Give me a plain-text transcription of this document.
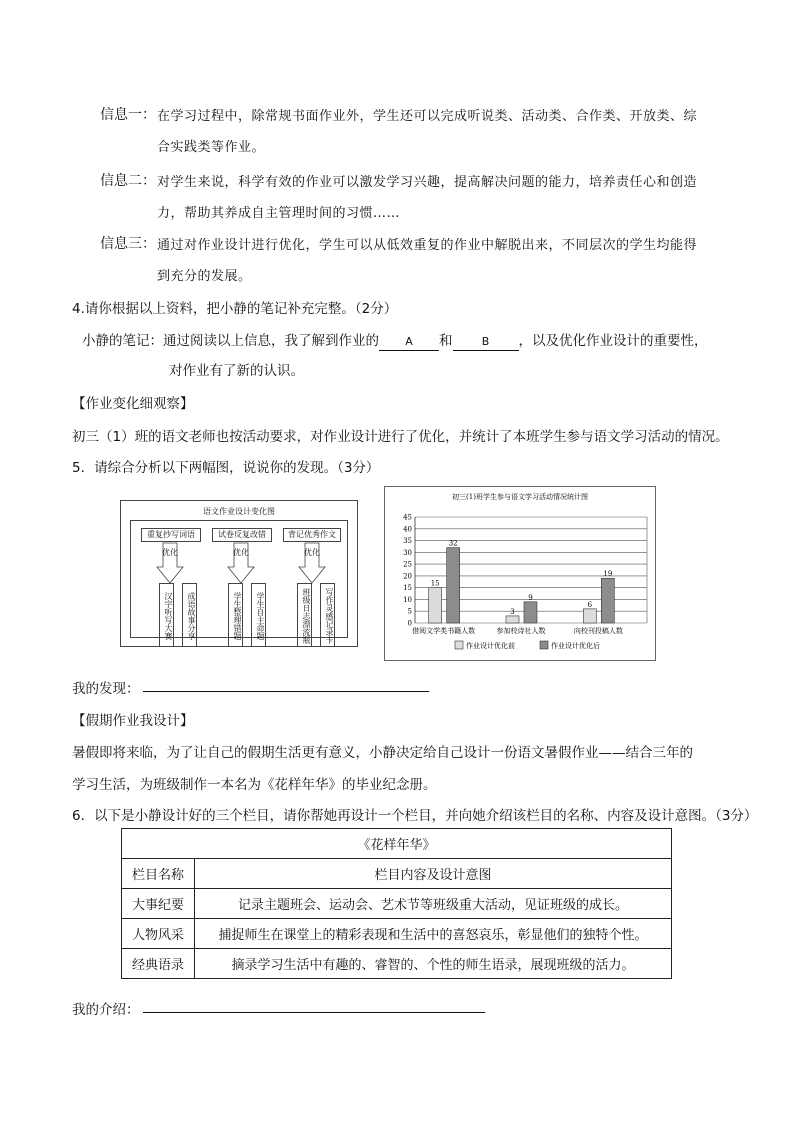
信息一： 在学习过程中，除常规书面作业外，学生还可以完成听说类、活动类、合作类、开放类、综
合实践类等作业。
信息二： 对学生来说，科学有效的作业可以激发学习兴趣，提高解决问题的能力，培养责任心和创造
力，帮助其养成自主管理时间的习惯……
信息三： 通过对作业设计进行优化，学生可以从低效重复的作业中解脱出来，不同层次的学生均能得
到充分的发展。
4.请你根据以上资料，把小静的笔记补充完整。（2分）
小静的笔记：通过阅读以上信息，我了解到作业的 A 和	B ，以及优化作业设计的重要性，
对作业有了新的认识。
【作业变化细观察】
初三（1）班的语文老师也按活动要求，对作业设计进行了优化，并统计了本班学生参与语文学习活动的情况。
5．请综合分析以下两幅图，说说你的发现。（3分）
语文作业设计变化图
重复抄写词语	试卷反复改错	背记优秀作文
优化	优化	优化
汉字听写大赛	成语故事分享	学生整理错题	学生自主命题	班级日志漂流瓶	写作灵感记录卡
初三(1)班学生参与语文学习活动情况统计图
0
5
10
15
20
25
30
35
40
45
15
32
借阅文学类书籍人数
3
9
参加校诗社人数
6
19
向校刊投稿人数
作业设计优化前	作业设计优化后
我的发现：
【假期作业我设计】
暑假即将来临，为了让自己的假期生活更有意义，小静决定给自己设计一份语文暑假作业——结合三年的
学习生活，为班级制作一本名为《花样年华》的毕业纪念册。
6．以下是小静设计好的三个栏目，请你帮她再设计一个栏目，并向她介绍该栏目的名称、内容及设计意图。（3分）
《花样年华》	
栏目名称	栏目内容及设计意图
大事纪要	记录主题班会、运动会、艺术节等班级重大活动，见证班级的成长。
人物风采	捕捉师生在课堂上的精彩表现和生活中的喜怒哀乐，彰显他们的独特个性。
经典语录	摘录学习生活中有趣的、睿智的、个性的师生语录，展现班级的活力。
我的介绍：
